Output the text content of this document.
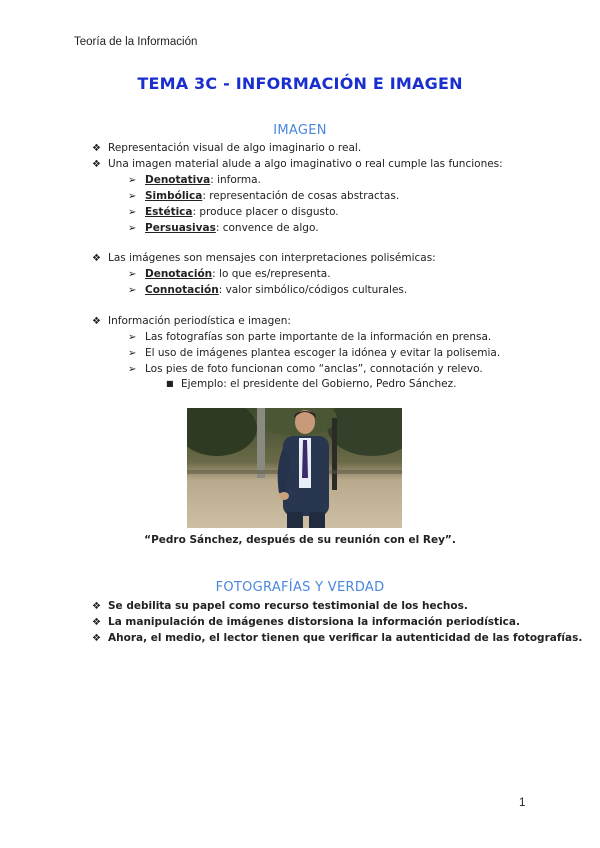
Teoría de la Información
TEMA 3C - INFORMACIÓN E IMAGEN
IMAGEN
❖ Representación visual de algo imaginario o real.
❖ Una imagen material alude a algo imaginativo o real cumple las funciones:
➢ Denotativa: informa.
➢ Simbólica: representación de cosas abstractas.
➢ Estética: produce placer o disgusto.
➢ Persuasivas: convence de algo.
❖ Las imágenes son mensajes con interpretaciones polisémicas:
➢ Denotación: lo que es/representa.
➢ Connotación: valor simbólico/códigos culturales.
❖ Información periodística e imagen:
➢ Las fotografías son parte importante de la información en prensa.
➢ El uso de imágenes plantea escoger la idónea y evitar la polisemia.
➢ Los pies de foto funcionan como “anclas”, connotación y relevo.
■ Ejemplo: el presidente del Gobierno, Pedro Sánchez.
“Pedro Sánchez, después de su reunión con el Rey”.
FOTOGRAFÍAS Y VERDAD
❖ Se debilita su papel como recurso testimonial de los hechos.
❖ La manipulación de imágenes distorsiona la información periodística.
❖ Ahora, el medio, el lector tienen que verificar la autenticidad de las fotografías.
1
